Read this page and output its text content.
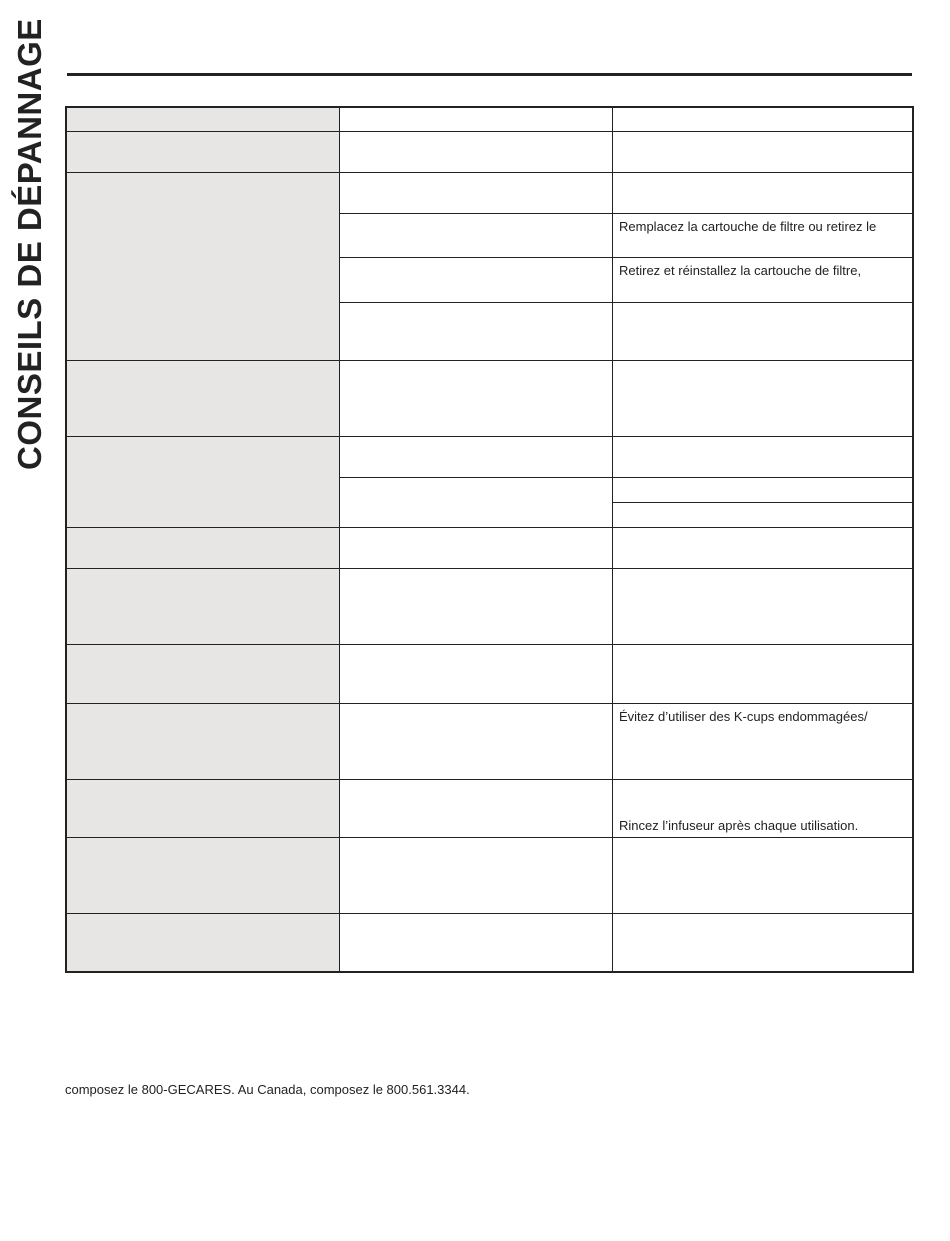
CONSEILS DE DÉPANNAGE	Remplacez la cartouche de filtre ou retirez le
Retirez et réinstallez la cartouche de filtre,
Évitez d’utiliser des K-cups endommagées/
Rincez l’infuseur après chaque utilisation.
composez le 800-GECARES. Au Canada, composez le 800.561.3344.
